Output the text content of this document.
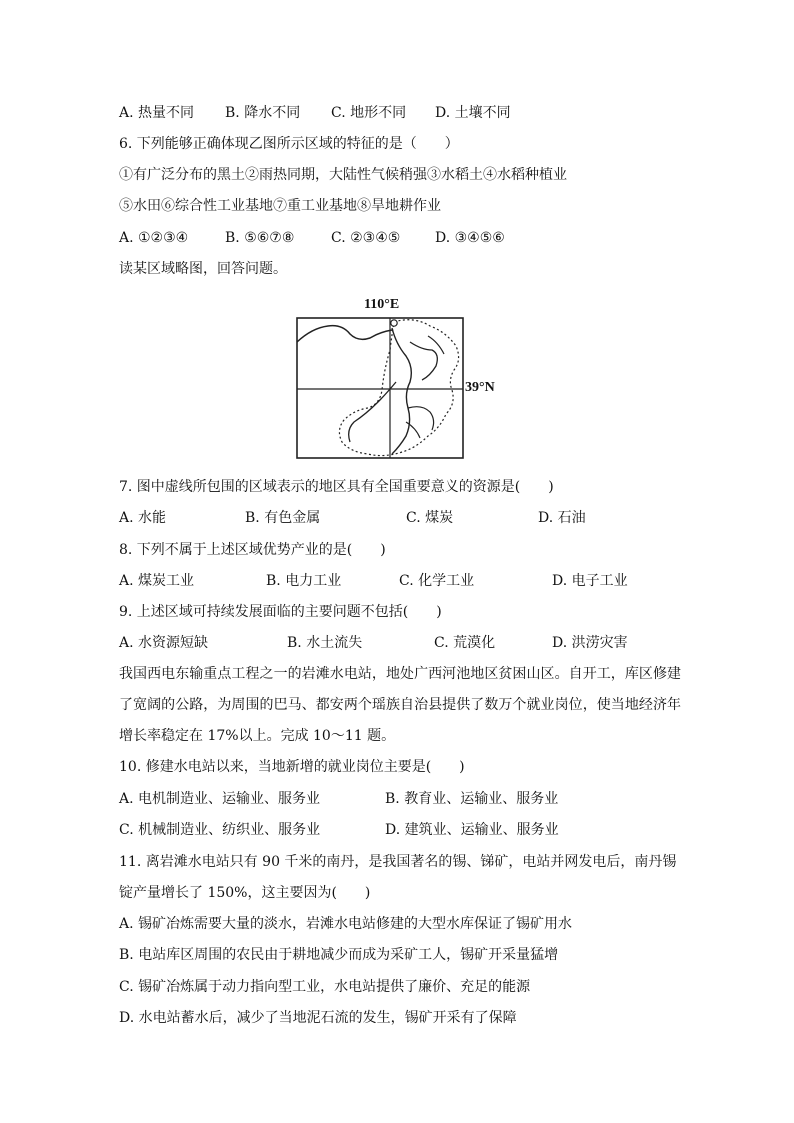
A. 热量不同 B. 降水不同 C. 地形不同 D. 土壤不同
6. 下列能够正确体现乙图所示区域的特征的是（　　）
①有广泛分布的黑土②雨热同期，大陆性气候稍强③水稻土④水稻种植业
⑤水田⑥综合性工业基地⑦重工业基地⑧旱地耕作业
A. ①②③④	B. ⑤⑥⑦⑧	C. ②③④⑤ D. ③④⑤⑥
读某区域略图，回答问题。
110°E
39°N
7. 图中虚线所包围的区域表示的地区具有全国重要意义的资源是(　　)
A. 水能	B. 有色金属	C. 煤炭	D. 石油
8. 下列不属于上述区域优势产业的是(　　)
A. 煤炭工业	B. 电力工业	C. 化学工业	D. 电子工业
9. 上述区域可持续发展面临的主要问题不包括(　　)
A. 水资源短缺	B. 水土流失	C. 荒漠化	D. 洪涝灾害
我国西电东输重点工程之一的岩滩水电站，地处广西河池地区贫困山区。自开工，库区修建了宽阔的公路，为周围的巴马、都安两个瑶族自治县提供了数万个就业岗位，使当地经济年增长率稳定在 17%以上。完成 10～11 题。
10. 修建水电站以来，当地新增的就业岗位主要是(　　)
A. 电机制造业、运输业、服务业	B. 教育业、运输业、服务业
C. 机械制造业、纺织业、服务业	D. 建筑业、运输业、服务业
11. 离岩滩水电站只有 90 千米的南丹，是我国著名的锡、锑矿，电站并网发电后，南丹锡
锭产量增长了 150%，这主要因为(　　)
A. 锡矿冶炼需要大量的淡水，岩滩水电站修建的大型水库保证了锡矿用水
B. 电站库区周围的农民由于耕地减少而成为采矿工人，锡矿开采量猛增
C. 锡矿冶炼属于动力指向型工业，水电站提供了廉价、充足的能源
D. 水电站蓄水后，减少了当地泥石流的发生，锡矿开采有了保障
